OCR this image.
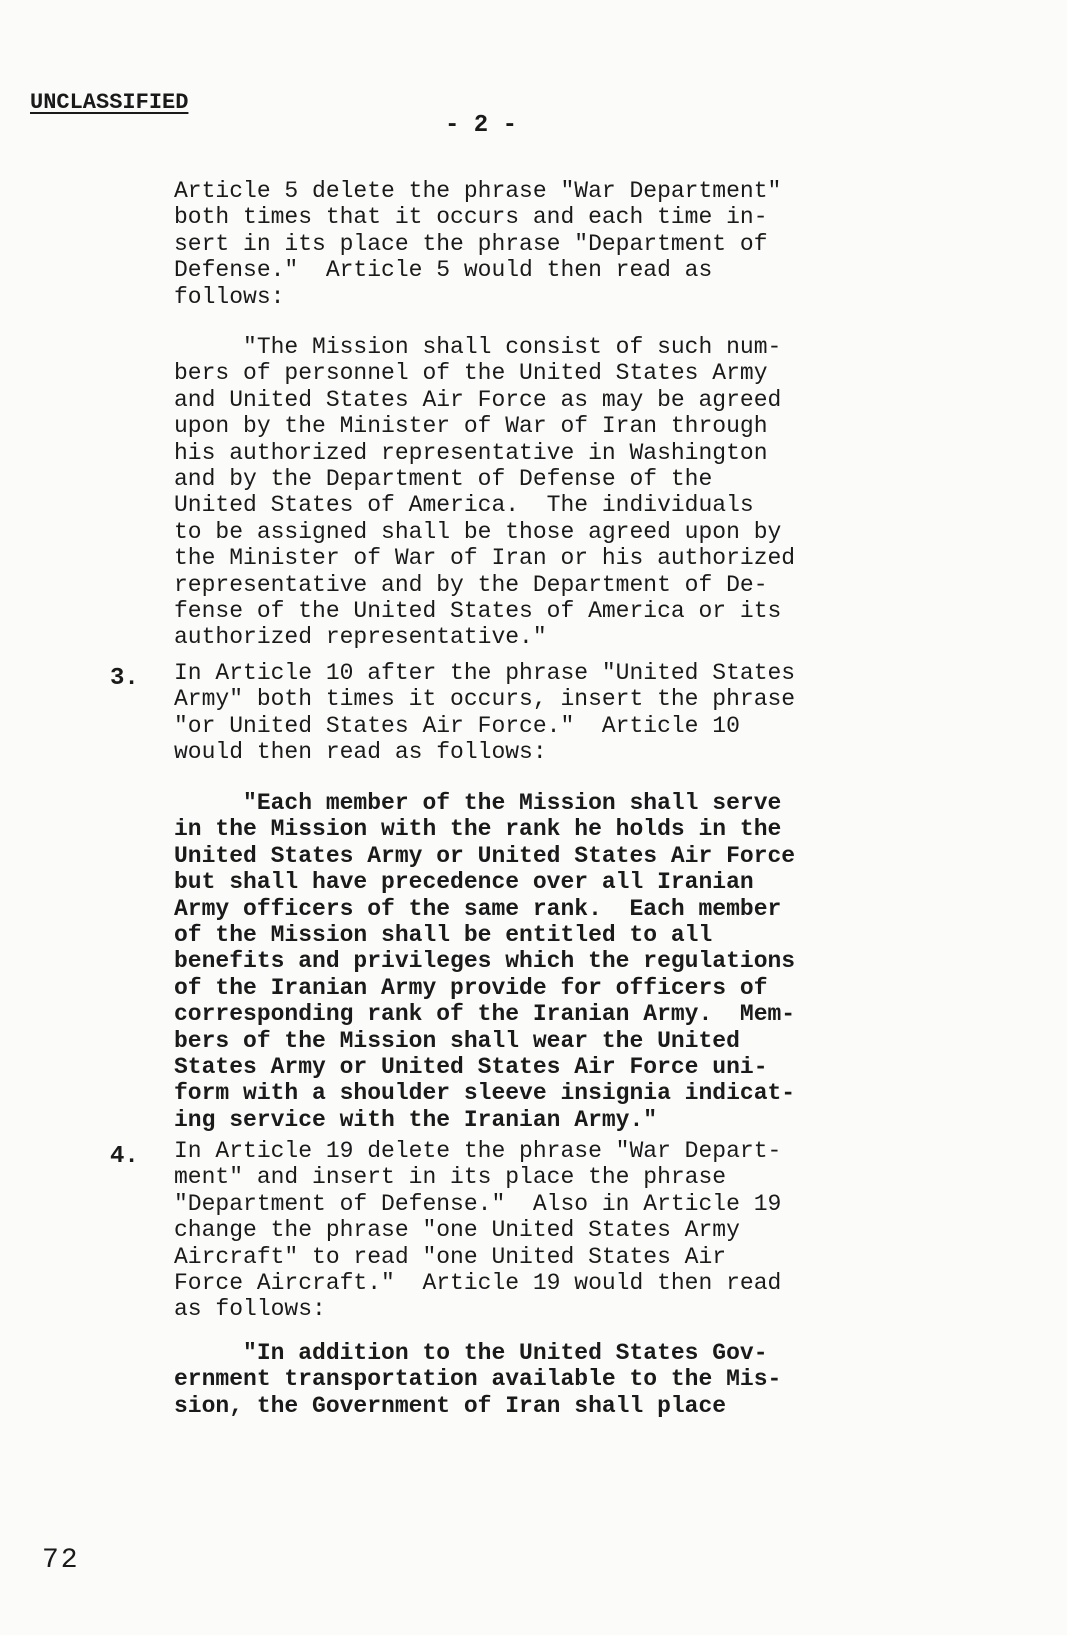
UNCLASSIFIED
- 2 -
Article 5 delete the phrase "War Department"
both times that it occurs and each time in-
sert in its place the phrase "Department of
Defense."  Article 5 would then read as
follows:
"The Mission shall consist of such num-
bers of personnel of the United States Army
and United States Air Force as may be agreed
upon by the Minister of War of Iran through
his authorized representative in Washington
and by the Department of Defense of the
United States of America.  The individuals
to be assigned shall be those agreed upon by
the Minister of War of Iran or his authorized
representative and by the Department of De-
fense of the United States of America or its
authorized representative."
3. In Article 10 after the phrase "United States
Army" both times it occurs, insert the phrase
"or United States Air Force."  Article 10
would then read as follows:
"Each member of the Mission shall serve
in the Mission with the rank he holds in the
United States Army or United States Air Force
but shall have precedence over all Iranian
Army officers of the same rank.  Each member
of the Mission shall be entitled to all
benefits and privileges which the regulations
of the Iranian Army provide for officers of
corresponding rank of the Iranian Army.  Mem-
bers of the Mission shall wear the United
States Army or United States Air Force uni-
form with a shoulder sleeve insignia indicat-
ing service with the Iranian Army."
4. In Article 19 delete the phrase "War Depart-
ment" and insert in its place the phrase
"Department of Defense."  Also in Article 19
change the phrase "one United States Army
Aircraft" to read "one United States Air
Force Aircraft."  Article 19 would then read
as follows:
"In addition to the United States Gov-
ernment transportation available to the Mis-
sion, the Government of Iran shall place
72
